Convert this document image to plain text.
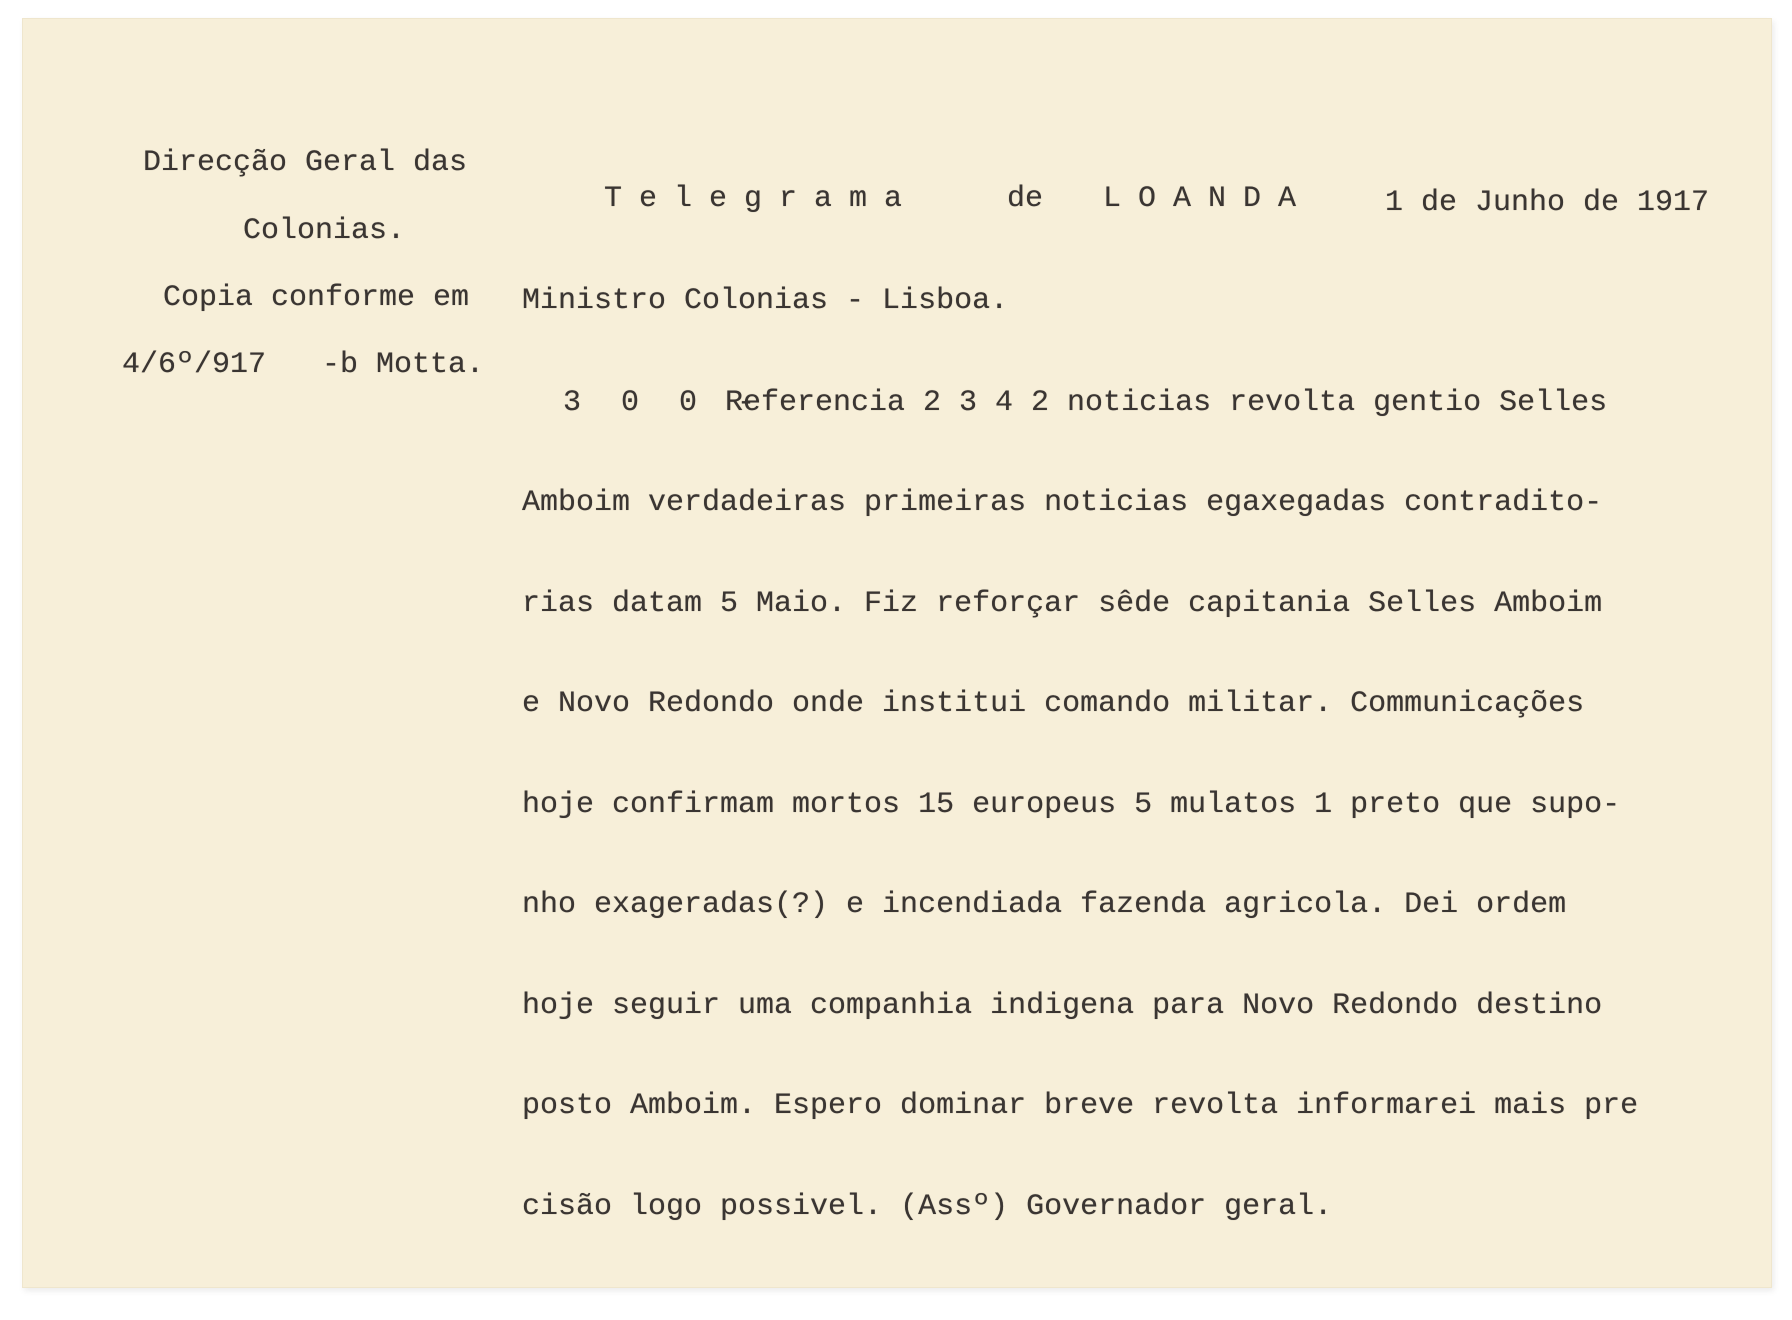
Direcção Geral das
Colonias.
Copia conforme em
4/6º/917 -b Motta.
Telegrama	de LOANDA 1 de Junho de 1917
Ministro Colonias - Lisboa.
3 0 0 -
Referencia 2 3 4 2 noticias revolta gentio Selles
Amboim verdadeiras primeiras noticias egaxegadas contradito-
rias datam 5 Maio. Fiz reforçar sêde capitania Selles Amboim
e Novo Redondo onde institui comando militar. Communicações
hoje confirmam mortos 15 europeus 5 mulatos 1 preto que supo-
nho exageradas(?) e incendiada fazenda agricola. Dei ordem
hoje seguir uma companhia indigena para Novo Redondo destino
posto Amboim. Espero dominar breve revolta informarei mais pre
cisão logo possivel. (Assº) Governador geral.
